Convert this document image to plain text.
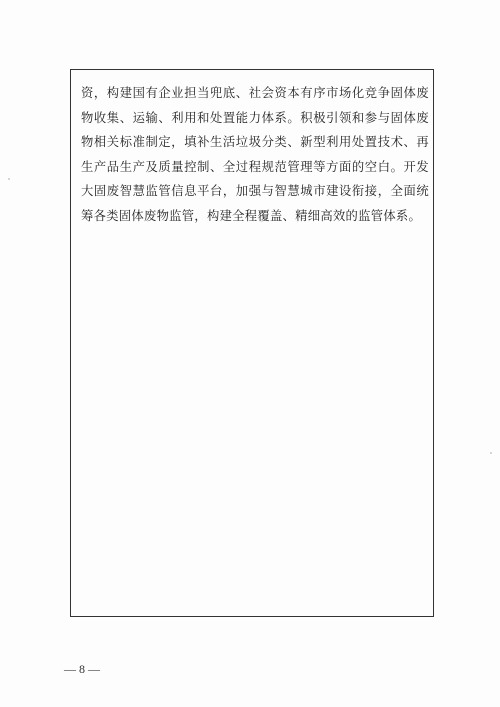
资，构建国有企业担当兜底、社会资本有序市场化竞争固体废物收集、运输、利用和处置能力体系。积极引领和参与固体废物相关标准制定，填补生活垃圾分类、新型利用处置技术、再生产品生产及质量控制、全过程规范管理等方面的空白。开发大固废智慧监管信息平台，加强与智慧城市建设衔接，全面统筹各类固体废物监管，构建全程覆盖、精细高效的监管体系。

— 8 —
